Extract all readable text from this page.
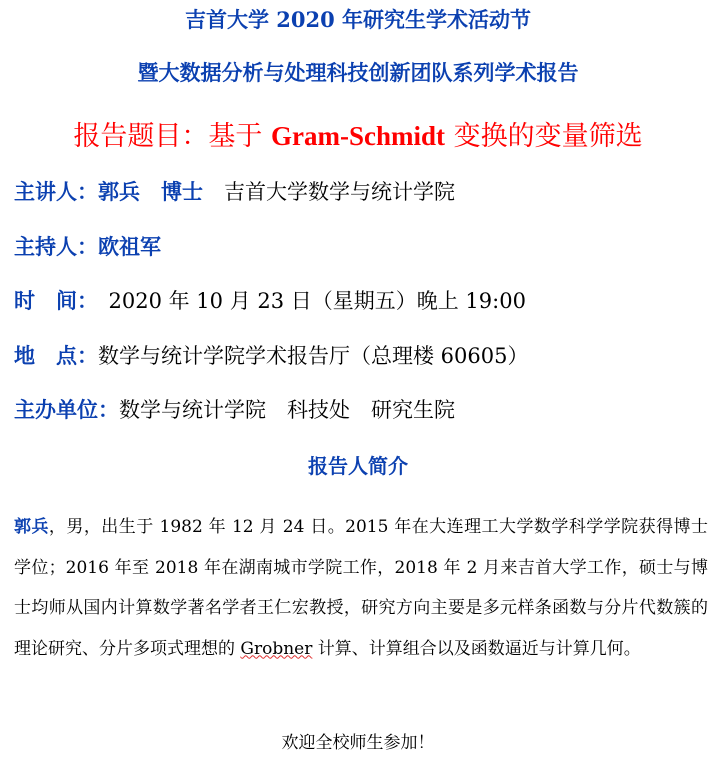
吉首大学 2020 年研究生学术活动节
暨大数据分析与处理科技创新团队系列学术报告
报告题目：基于 Gram-Schmidt 变换的变量筛选
主讲人：郭兵　博士　吉首大学数学与统计学院
主持人：欧祖军
时　间：　2020 年 10 月 23 日（星期五）晚上 19:00
地　点：数学与统计学院学术报告厅（总理楼 60605）
主办单位：数学与统计学院　科技处　研究生院
报告人简介
郭兵，男，出生于 1982 年 12 月 24 日。2015 年在大连理工大学数学科学学院获得博士学位；2016 年至 2018 年在湖南城市学院工作，2018 年 2 月来吉首大学工作，硕士与博士均师从国内计算数学著名学者王仁宏教授，研究方向主要是多元样条函数与分片代数簇的理论研究、分片多项式理想的 Grobner 计算、计算组合以及函数逼近与计算几何。
欢迎全校师生参加！
